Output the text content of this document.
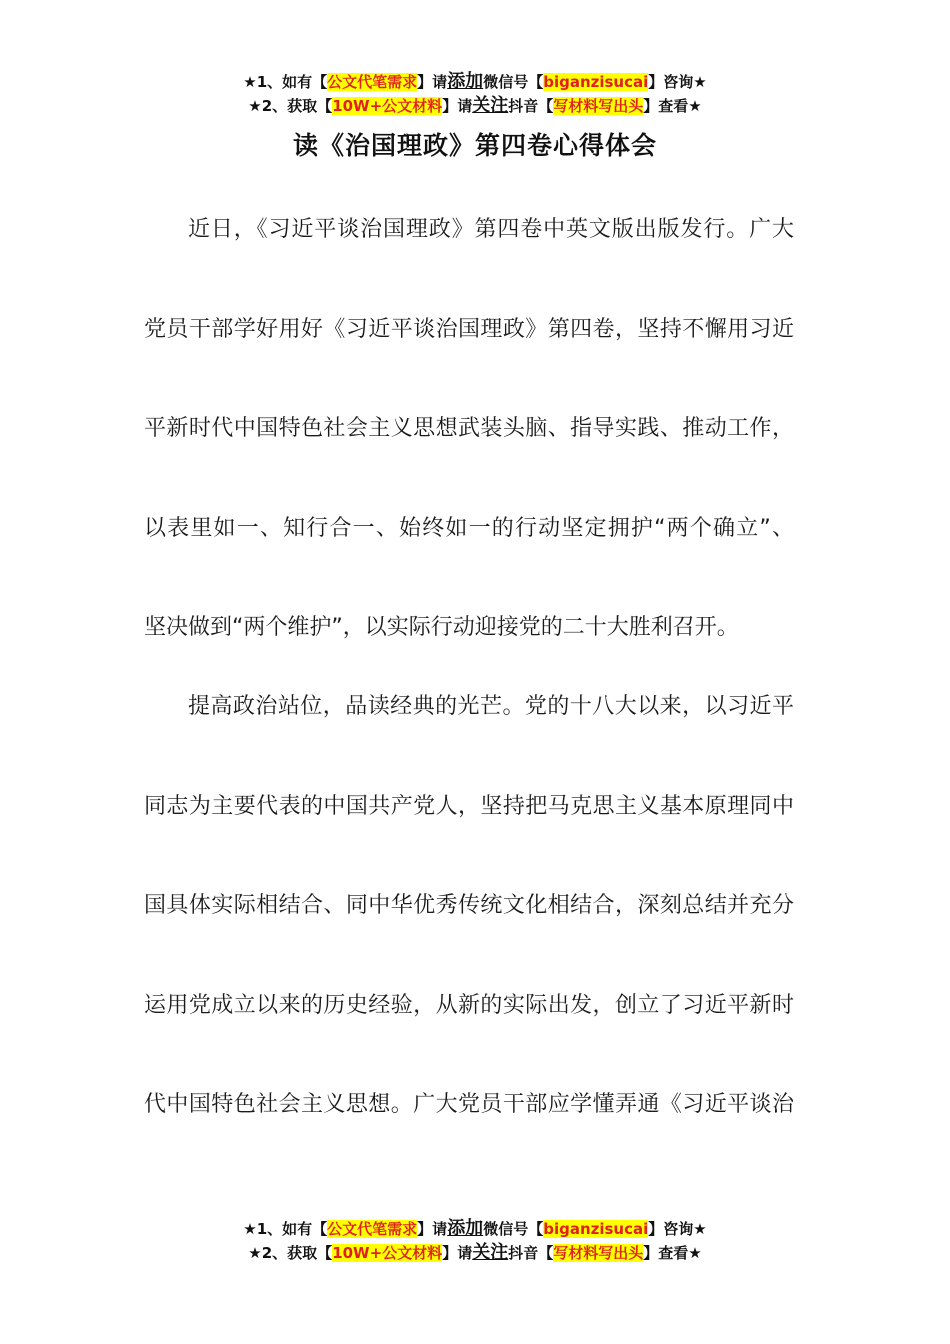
★1、如有【公文代笔需求】请添加微信号【biganzisucai】咨询★
★2、获取【10W+公文材料】请关注抖音【写材料写出头】查看★
读《治国理政》第四卷心得体会

近日，《习近平谈治国理政》第四卷中英文版出版发行。广大
党员干部学好用好《习近平谈治国理政》第四卷，坚持不懈用习近
平新时代中国特色社会主义思想武装头脑、指导实践、推动工作，
以表里如一、知行合一、始终如一的行动坚定拥护“两个确立”、
坚决做到“两个维护”，以实际行动迎接党的二十大胜利召开。

提高政治站位，品读经典的光芒。党的十八大以来，以习近平
同志为主要代表的中国共产党人，坚持把马克思主义基本原理同中
国具体实际相结合、同中华优秀传统文化相结合，深刻总结并充分
运用党成立以来的历史经验，从新的实际出发，创立了习近平新时
代中国特色社会主义思想。广大党员干部应学懂弄通《习近平谈治

★1、如有【公文代笔需求】请添加微信号【biganzisucai】咨询★
★2、获取【10W+公文材料】请关注抖音【写材料写出头】查看★
